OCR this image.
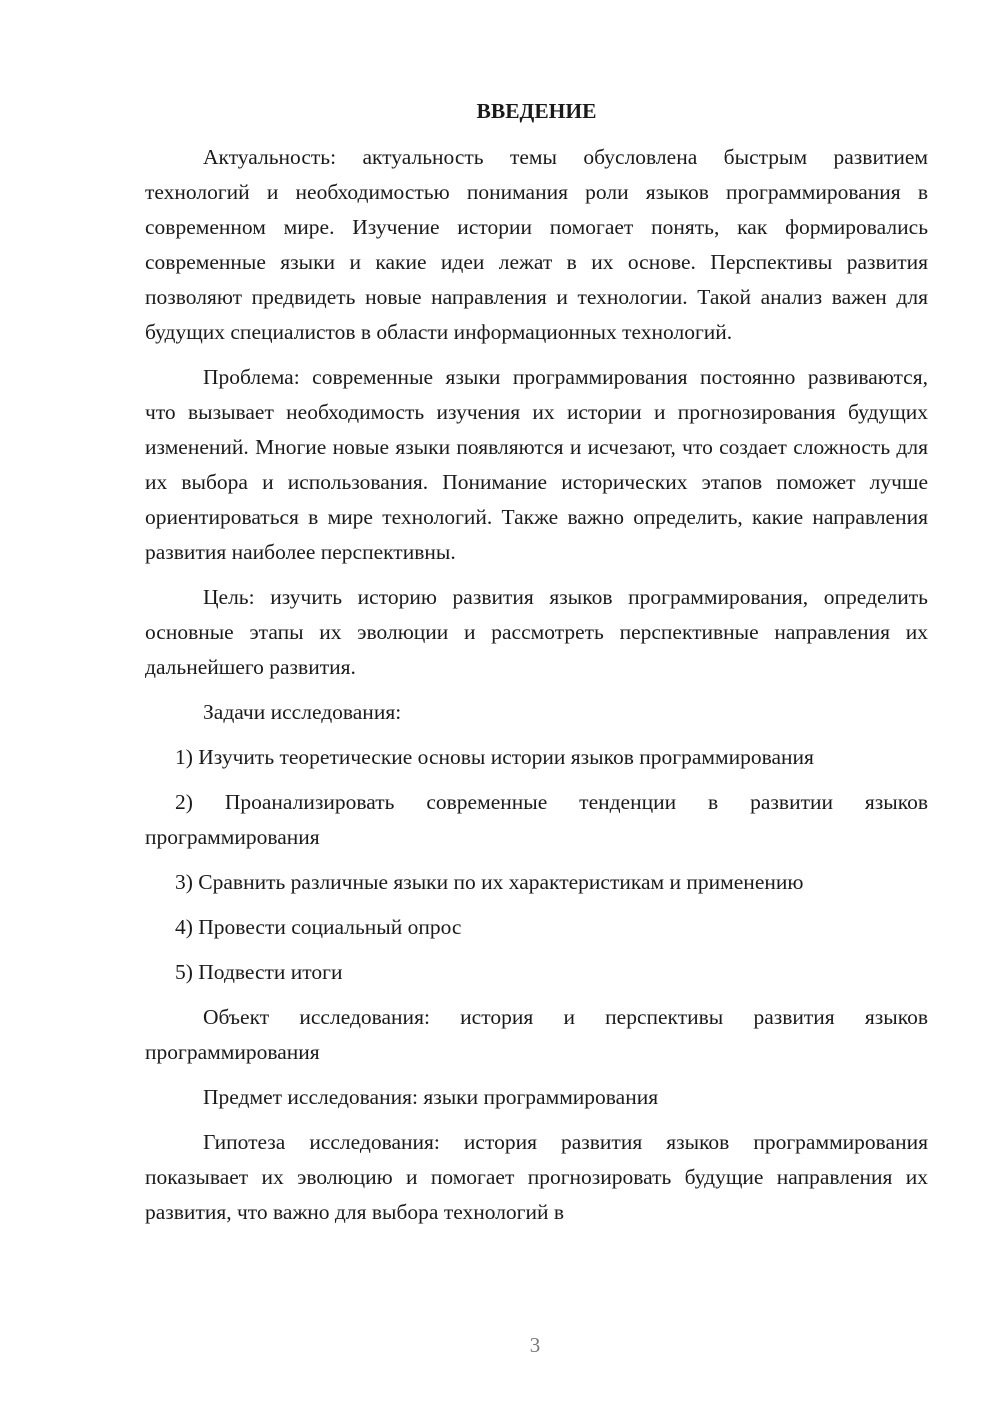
ВВЕДЕНИЕ

Актуальность: актуальность темы обусловлена быстрым развитием технологий и необходимостью понимания роли языков программирования в современном мире. Изучение истории помогает понять, как формировались современные языки и какие идеи лежат в их основе. Перспективы развития позволяют предвидеть новые направления и технологии. Такой анализ важен для будущих специалистов в области информационных технологий.

Проблема: современные языки программирования постоянно развиваются, что вызывает необходимость изучения их истории и прогнозирования будущих изменений. Многие новые языки появляются и исчезают, что создает сложность для их выбора и использования. Понимание исторических этапов поможет лучше ориентироваться в мире технологий. Также важно определить, какие направления развития наиболее перспективны.

Цель: изучить историю развития языков программирования, определить основные этапы их эволюции и рассмотреть перспективные направления их дальнейшего развития.

Задачи исследования:

1) Изучить теоретические основы истории языков программирования

2) Проанализировать современные тенденции в развитии языков программирования

3) Сравнить различные языки по их характеристикам и применению

4) Провести социальный опрос

5) Подвести итоги

Объект исследования: история и перспективы развития языков программирования

Предмет исследования: языки программирования

Гипотеза исследования: история развития языков программирования показывает их эволюцию и помогает прогнозировать будущие направления их развития, что важно для выбора технологий в

3
